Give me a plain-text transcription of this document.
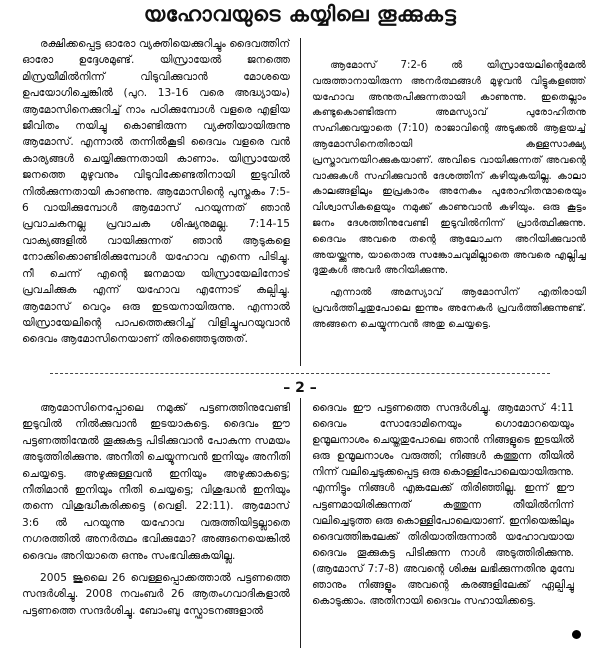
യഹോവയുടെ കയ്യിലെ തൂക്കുകട്ട

രക്ഷിക്കപ്പെട്ട ഓരോ വ്യക്തിയെക്കുറിച്ചും ദൈവത്തിന് ഓരോ ഉദ്ദേശമുണ്ട്. യിസ്രായേൽ ജനത്തെ മിസ്രയീമിൽനിന്ന് വിടുവിക്കുവാൻ മോശയെ ഉപയോഗിച്ചെങ്കിൽ (പുറ. 13-16 വരെ അദ്ധ്യായം) ആമോസിനെക്കുറിച്ച് നാം പഠിക്കുമ്പോൾ വളരെ എളിയ ജീവിതം നയിച്ചു കൊണ്ടിരുന്ന വ്യക്തിയായിരുന്നു ആമോസ്. എന്നാൽ തന്നിൽകൂടി ദൈവം വളരെ വൻ കാര്യങ്ങൾ ചെയ്യിക്കുന്നതായി കാണാം. യിസ്രായേൽ ജനത്തെ മുഴുവനും വിടുവിക്കേണ്ടതിനായി ഇടുവിൽ നിൽക്കുന്നതായി കാണുന്നു. ആമോസിന്റെ പുസ്തകം 7:5-6 വായിക്കുമ്പോൾ ആമോസ് പറയുന്നത് ഞാൻ പ്രവാചകനല്ല പ്രവാചക ശിഷ്യനുമല്ല. 7:14-15 വാക്യങ്ങളിൽ വായിക്കുന്നത് ഞാൻ ആടുകളെ നോക്കിക്കൊണ്ടിരിക്കുമ്പോൾ യഹോവ എന്നെ പിടിച്ചു. നീ ചെന്ന് എന്റെ ജനമായ യിസ്രായേലിനോട് പ്രവചിക്കുക എന്ന് യഹോവ എന്നോട് കല്പിച്ചു. ആമോസ് വെറും ഒരു ഇടയനായിരുന്നു. എന്നാൽ യിസ്രായേലിന്റെ പാപത്തെക്കുറിച്ച് വിളിച്ചുപറയുവാൻ ദൈവം ആമോസിനെയാണ് തിരഞ്ഞെടുത്തത്.

ആമോസ് 7:2-6 ൽ യിസ്രായേലിന്റെമേൽ വരുത്താനായിരുന്ന അനർത്ഥങ്ങൾ മുഴുവൻ വിട്ടുകളഞ്ഞ് യഹോവ അനുതപിക്കുന്നതായി കാണുന്നു. ഇതെല്ലാം കണ്ടുകൊണ്ടിരുന്ന അമസ്യാവ് പുരോഹിതനു സഹിക്കവയ്യാതെ (7:10) രാജാവിന്റെ അടുക്കൽ ആളയച്ച് ആമോസിനെതിരായി കള്ളസാക്ഷ്യ പ്രസ്താവനയിറക്കുകയാണ്. അവിടെ വായിക്കുന്നത് അവന്റെ വാക്കുകൾ സഹിക്കുവാൻ ദേശത്തിന് കഴിയുകയില്ല. കാലാ കാലങ്ങളിലും ഇപ്രകാരം അനേകം പുരോഹിതന്മാരെയും വിശ്വാസികളെയും നമുക്ക് കാണുവാൻ കഴിയും. ഒരു കൂട്ടം ജനം ദേശത്തിനുവേണ്ടി ഇടുവിൽനിന്ന് പ്രാർത്ഥിക്കുന്നു. ദൈവം അവരെ തന്റെ ആലോചന അറിയിക്കുവാൻ അയയ്ക്കുന്നു, യാതൊരു സങ്കോചവുമില്ലാതെ അവരെ എല്ലിച്ച ദൂതുകൾ അവർ അറിയിക്കുന്നു.

എന്നാൽ അമസ്യാവ് ആമോസിന് എതിരായി പ്രവർത്തിച്ചതുപോലെ ഇന്നും അനേകർ പ്രവർത്തിക്കുന്നുണ്ട്. അങ്ങനെ ചെയ്യുന്നവൻ അതു ചെയ്യട്ടെ.

– 2 –

ആമോസിനെപ്പോലെ നമുക്ക് പട്ടണത്തിനുവേണ്ടി ഇടുവിൽ നിൽക്കുവാൻ ഇടയാകട്ടെ. ദൈവം ഈ പട്ടണത്തിന്മേൽ തൂക്കുകട്ട പിടിക്കുവാൻ പോകുന്ന സമയം അടുത്തിരിക്കുന്നു. അനീതി ചെയ്യുന്നവൻ ഇനിയും അനീതി ചെയ്യട്ടെ. അഴുക്കുള്ളവൻ ഇനിയും അഴുക്കാകട്ടെ; നീതിമാൻ ഇനിയും നീതി ചെയ്യട്ടെ; വിശുദ്ധൻ ഇനിയും തന്നെ വിശുദ്ധീകരിക്കട്ടെ (വെളി. 22:11). ആമോസ് 3:6 ൽ പറയുന്നു യഹോവ വരുത്തിയിട്ടല്ലാതെ നഗരത്തിൽ അനർത്ഥം ഭവിക്കുമോ? അങ്ങനെയെങ്കിൽ ദൈവം അറിയാതെ ഒന്നും സംഭവിക്കുകയില്ല.

2005 ജൂലൈ 26 വെള്ളപ്പൊക്കത്താൽ പട്ടണത്തെ സന്ദർശിച്ചു. 2008 നവംബർ 26 ആതംഗവാദികളാൽ പട്ടണത്തെ സന്ദർശിച്ചു. ബോംബു സ്ഫോടനങ്ങളാൽ

ദൈവം ഈ പട്ടണത്തെ സന്ദർശിച്ചു. ആമോസ് 4:11 ദൈവം സോദോമിനെയും ഗൊമോറയെയും ഉന്മൂലനാശം ചെയ്തതുപോലെ ഞാൻ നിങ്ങളുടെ ഇടയിൽ ഒരു ഉന്മൂലനാശം വരുത്തി; നിങ്ങൾ കത്തുന്ന തീയിൽ നിന്ന് വലിച്ചെടുക്കപ്പെട്ട ഒരു കൊള്ളിപോലെയായിരുന്നു. എന്നിട്ടും നിങ്ങൾ എങ്കലേക്ക് തിരിഞ്ഞില്ല. ഇന്ന് ഈ പട്ടണമായിരിക്കുന്നത് കത്തുന്ന തീയിൽനിന്ന് വലിച്ചെടുത്ത ഒരു കൊള്ളിപോലെയാണ്. ഇനിയെങ്കിലും ദൈവത്തിങ്കലേക്ക് തിരിയാതിരുന്നാൽ യഹോവയായ ദൈവം തൂക്കുകട്ട പിടിക്കുന്ന നാൾ അടുത്തിരിക്കുന്നു. (ആമോസ് 7:7-8) അവന്റെ ശിക്ഷ ലഭിക്കുന്നതിനു മുമ്പേ ഞാനും നിങ്ങളും അവന്റെ കരങ്ങളിലേക്ക് ഏല്പിച്ചു കൊടുക്കാം. അതിനായി ദൈവം സഹായിക്കട്ടെ.
